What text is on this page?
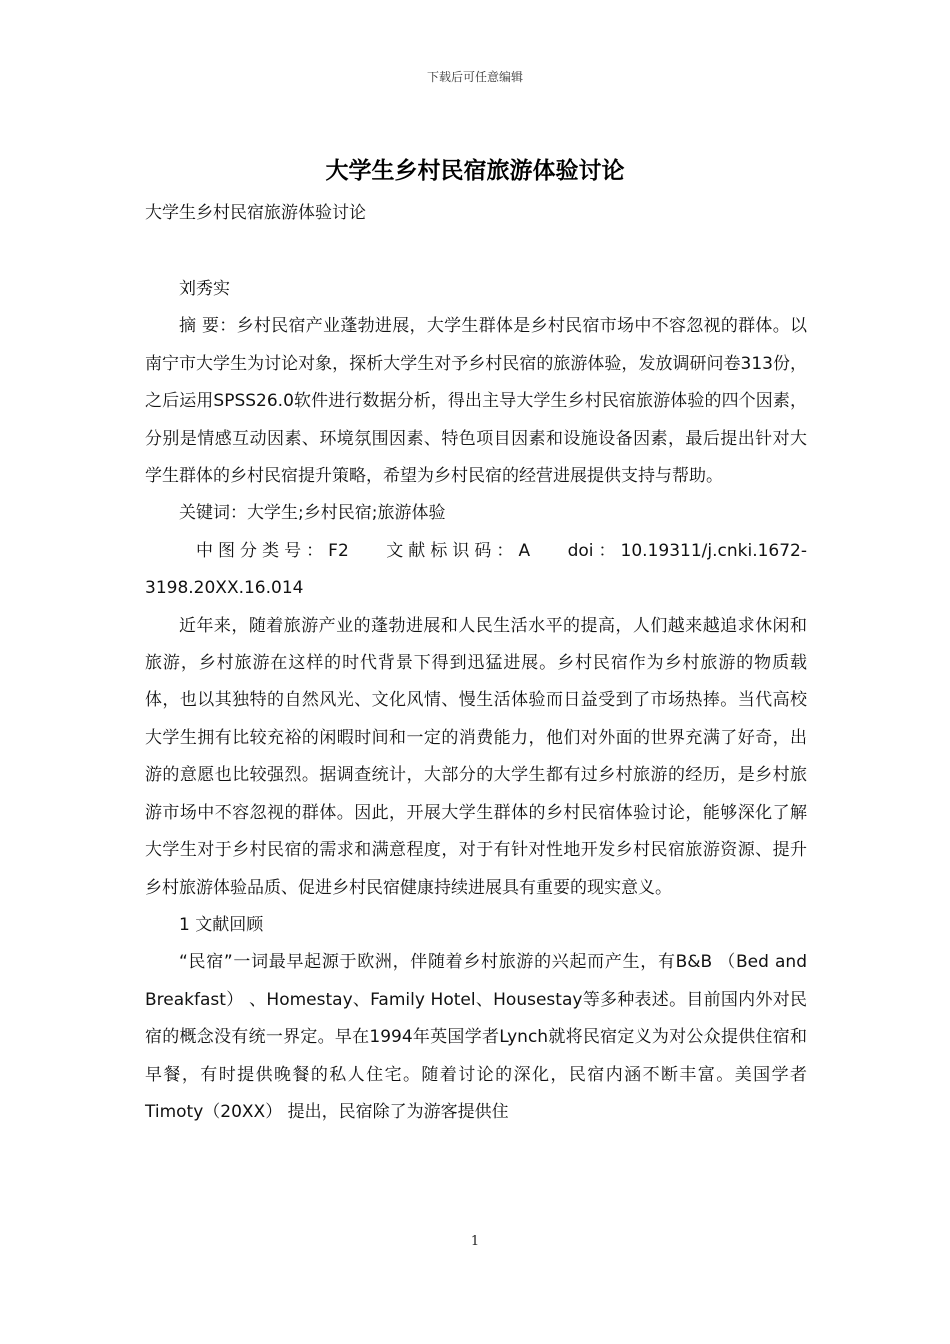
下载后可任意编辑
大学生乡村民宿旅游体验讨论
大学生乡村民宿旅游体验讨论

刘秀实

摘 要：乡村民宿产业蓬勃进展，大学生群体是乡村民宿市场中不容忽视的群体。以南宁市大学生为讨论对象，探析大学生对予乡村民宿的旅游体验，发放调研问卷313份，之后运用SPSS26.0软件进行数据分析，得出主导大学生乡村民宿旅游体验的四个因素，分别是情感互动因素、环境氛围因素、特色项目因素和设施设备因素，最后提出针对大学生群体的乡村民宿提升策略，希望为乡村民宿的经营进展提供支持与帮助。

关键词：大学生;乡村民宿;旅游体验

中图分类号：F2　 文献标识码：A　 doi：10.19311/j.cnki.1672-3198.20XX.16.014

近年来，随着旅游产业的蓬勃进展和人民生活水平的提高，人们越来越追求休闲和旅游，乡村旅游在这样的时代背景下得到迅猛进展。乡村民宿作为乡村旅游的物质载体，也以其独特的自然风光、文化风情、慢生活体验而日益受到了市场热捧。当代高校大学生拥有比较充裕的闲暇时间和一定的消费能力，他们对外面的世界充满了好奇，出游的意愿也比较强烈。据调查统计，大部分的大学生都有过乡村旅游的经历，是乡村旅游市场中不容忽视的群体。因此，开展大学生群体的乡村民宿体验讨论，能够深化了解大学生对于乡村民宿的需求和满意程度，对于有针对性地开发乡村民宿旅游资源、提升乡村旅游体验品质、促进乡村民宿健康持续进展具有重要的现实意义。

1 文献回顾

“民宿”一词最早起源于欧洲，伴随着乡村旅游的兴起而产生，有B&B （Bed and Breakfast） 、Homestay、Family Hotel、Housestay等多种表述。目前国内外对民宿的概念没有统一界定。早在1994年英国学者Lynch就将民宿定义为对公众提供住宿和早餐，有时提供晚餐的私人住宅。随着讨论的深化，民宿内涵不断丰富。美国学者 Timoty（20XX） 提出，民宿除了为游客提供住

1
